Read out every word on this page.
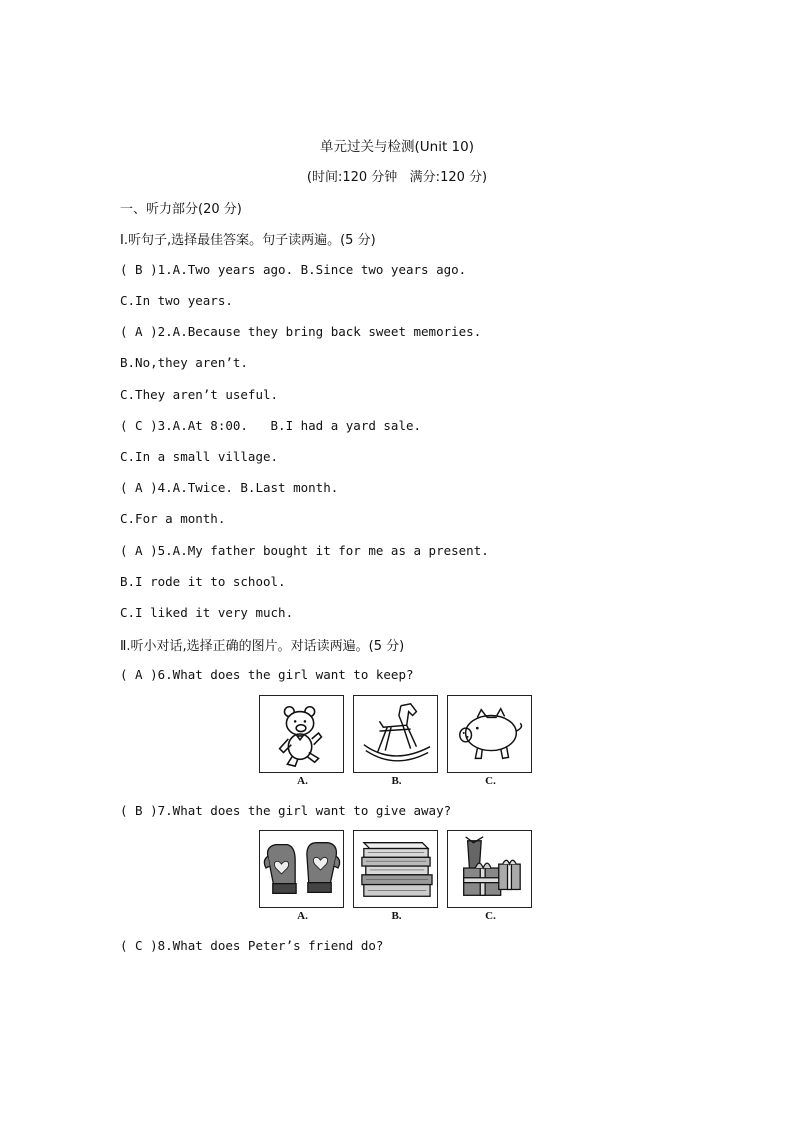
单元过关与检测(Unit 10)
(时间:120 分钟   满分:120 分)
一、听力部分(20 分)
Ⅰ.听句子,选择最佳答案。句子读两遍。(5 分)
( B )1.A.Two years ago. B.Since two years ago.
C.In two years.
( A )2.A.Because they bring back sweet memories.
B.No,they aren’t.
C.They aren’t useful.
( C )3.A.At 8:00.   B.I had a yard sale.
C.In a small village.
( A )4.A.Twice. B.Last month.
C.For a month.
( A )5.A.My father bought it for me as a present.
B.I rode it to school.
C.I liked it very much.
Ⅱ.听小对话,选择正确的图片。对话读两遍。(5 分)
( A )6.What does the girl want to keep?
A.	B.	C.
( B )7.What does the girl want to give away?
A.	B.	C.
( C )8.What does Peter’s friend do?
